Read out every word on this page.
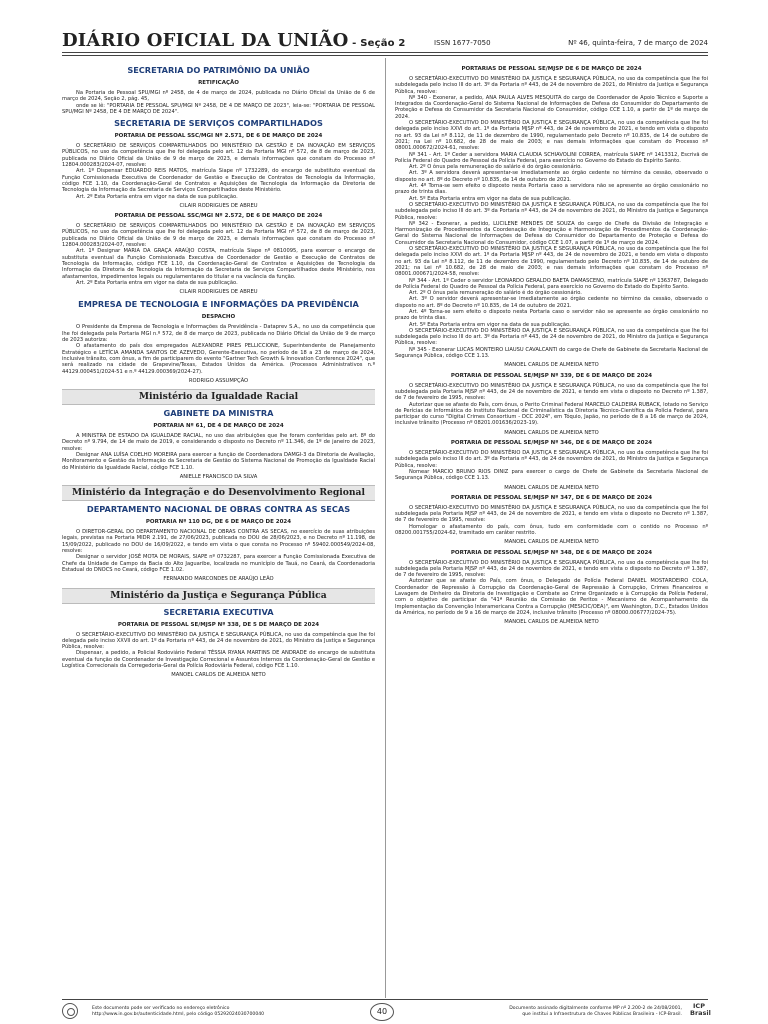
DIÁRIO OFICIAL DA UNIÃO - Seção 2	ISSN 1677-7050	Nº 46, quinta-feira, 7 de março de 2024
SECRETARIA DO PATRIMÔNIO DA UNIÃO
RETIFICAÇÃO

Na Portaria de Pessoal SPU/MGI nº 2458, de 4 de março de 2024, publicada no Diário Oficial da União de 6 de março de 2024, Seção 2, pág. 45,

onde se lê: "PORTARIA DE PESSOAL SPU/MGI Nº 2458, DE 4 DE MARÇO DE 2023", leia-se: "PORTARIA DE PESSOAL SPU/MGI Nº 2458, DE 4 DE MARÇO DE 2024".

SECRETARIA DE SERVIÇOS COMPARTILHADOS
PORTARIA DE PESSOAL SSC/MGI Nº 2.571, DE 6 DE MARÇO DE 2024

O SECRETÁRIO DE SERVIÇOS COMPARTILHADOS DO MINISTÉRIO DA GESTÃO E DA INOVAÇÃO EM SERVIÇOS PÚBLICOS, no uso da competência que lhe foi delegada pelo art. 12 da Portaria MGI nº 572, de 8 de março de 2023, publicada no Diário Oficial da União de 9 de março de 2023, e demais informações que constam do Processo nº 12804.000283/2024-07, resolve:

Art. 1º Dispensar EDUARDO REIS MATOS, matrícula Siape nº 1732289, do encargo de substituto eventual da Função Comissionada Executiva de Coordenador de Gestão e Execução de Contratos de Tecnologia da Informação, código FCE 1.10, da Coordenação-Geral de Contratos e Aquisições de Tecnologia da Informação da Diretoria de Tecnologia da Informação da Secretaria de Serviços Compartilhados deste Ministério.

Art. 2º Esta Portaria entra em vigor na data de sua publicação.

CILAIR RODRIGUES DE ABREU
PORTARIA DE PESSOAL SSC/MGI Nº 2.572, DE 6 DE MARÇO DE 2024

O SECRETÁRIO DE SERVIÇOS COMPARTILHADOS DO MINISTÉRIO DA GESTÃO E DA INOVAÇÃO EM SERVIÇOS PÚBLICOS, no uso da competência que lhe foi delegada pelo art. 12 da Portaria MGI nº 572, de 8 de março de 2023, publicada no Diário Oficial da União de 9 de março de 2023, e demais informações que constam do Processo nº 12804.000283/2024-07, resolve:

Art. 1º Designar MARIA DA GRAÇA ARAÚJO COSTA, matrícula Siape nº 0810095, para exercer o encargo de substituta eventual da Função Comissionada Executiva de Coordenador de Gestão e Execução de Contratos de Tecnologia da Informação, código FCE 1.10, da Coordenação-Geral de Contratos e Aquisições de Tecnologia da Informação da Diretoria de Tecnologia da Informação da Secretaria de Serviços Compartilhados deste Ministério, nos afastamentos, impedimentos legais ou regulamentares do titular e na vacância da função.

Art. 2º Esta Portaria entra em vigor na data de sua publicação.

CILAIR RODRIGUES DE ABREU
EMPRESA DE TECNOLOGIA E INFORMAÇÕES DA PREVIDÊNCIA
DESPACHO

O Presidente da Empresa de Tecnologia e Informações da Previdência - Dataprev S.A., no uso da competência que lhe foi delegada pela Portaria MGI n.º 572, de 8 de março de 2023, publicada no Diário Oficial da União de 9 de março de 2023 autoriza:

O afastamento do país dos empregados ALEXANDRE PIRES PELLICCIONE, Superintendente de Planejamento Estratégico e LETÍCIA AMANDA SANTOS DE AZEVEDO, Gerente-Executiva, no período de 18 a 23 de março de 2024, inclusive trânsito, com ônus, a fim de participarem do evento "Gartner Tech Growth & Innovation Conference 2024", que será realizado na cidade de Grapevine/Texas, Estados Unidos da América. (Processos Administrativos n.º 44129.000451/2024-51 e n.º 44129.000369/2024-27).

RODRIGO ASSUMPÇÃO
Ministério da Igualdade Racial
GABINETE DA MINISTRA
PORTARIA Nº 61, DE 4 DE MARÇO DE 2024

A MINISTRA DE ESTADO DA IGUALDADE RACIAL, no uso das atribuições que lhe foram conferidas pelo art. 8º do Decreto nº 9.794, de 14 de maio de 2019, e considerando o disposto no Decreto nº 11.346, de 1º de janeiro de 2023, resolve:

Designar ANA LUÍSA COELHO MOREIRA para exercer a função de Coordenadora DAMGI-3 da Diretoria de Avaliação, Monitoramento e Gestão da Informação da Secretaria de Gestão do Sistema Nacional de Promoção da Igualdade Racial do Ministério da Igualdade Racial, código FCE 1.10.

ANIELLE FRANCISCO DA SILVA
Ministério da Integração e do Desenvolvimento Regional
DEPARTAMENTO NACIONAL DE OBRAS CONTRA AS SECAS
PORTARIA Nº 110 DG, DE 6 DE MARÇO DE 2024

O DIRETOR-GERAL DO DEPARTAMENTO NACIONAL DE OBRAS CONTRA AS SECAS, no exercício de suas atribuições legais, previstas na Portaria MIDR 2.191, de 27/06/2023, publicada no DOU de 28/06/2023, e no Decreto nº 11.198, de 15/09/2022, publicado no DOU de 16/09/2022, e tendo em vista o que consta no Processo nº 59402.000549/2024-08, resolve:

Designar o servidor JOSÉ MOTA DE MORAIS, SIAPE nº 0732287, para exercer a Função Comissionada Executiva de Chefe da Unidade de Campo da Bacia do Alto Jaguaribe, localizada no município de Tauá, no Ceará, da Coordenadoria Estadual do DNOCS no Ceará, código FCE 1.02.

FERNANDO MARCONDES DE ARAÚJO LEÃO
Ministério da Justiça e Segurança Pública
SECRETARIA EXECUTIVA
PORTARIA DE PESSOAL SE/MJSP Nº 338, DE 5 DE MARÇO DE 2024

O SECRETÁRIO-EXECUTIVO DO MINISTÉRIO DA JUSTIÇA E SEGURANÇA PÚBLICA, no uso da competência que lhe foi delegada pelo inciso XXVII do art. 1º da Portaria nº 443, de 24 de novembro de 2021, do Ministro da Justiça e Segurança Pública, resolve:

Dispensar, a pedido, a Policial Rodoviário Federal TÉSSIA RYANA MARTINS DE ANDRADE do encargo de substituta eventual da função de Coordenador de Investigação Correcional e Assuntos Internos da Coordenação-Geral de Gestão e Logística Correcionais da Corregedoria-Geral da Polícia Rodoviária Federal, código FCE 1.10.

MANOEL CARLOS DE ALMEIDA NETO
PORTARIAS DE PESSOAL SE/MJSP DE 6 DE MARÇO DE 2024

O SECRETÁRIO-EXECUTIVO DO MINISTÉRIO DA JUSTIÇA E SEGURANÇA PÚBLICA, no uso da competência que lhe foi subdelegada pelo inciso III do art. 3º da Portaria nº 443, de 24 de novembro de 2021, do Ministro da Justiça e Segurança Pública, resolve:

Nº 340 - Exonerar, a pedido, ANA PAULA ALVES MESQUITA do cargo de Coordenador de Apoio Técnico e Suporte a Integrados da Coordenação-Geral do Sistema Nacional de Informações de Defesa do Consumidor do Departamento de Proteção e Defesa do Consumidor da Secretaria Nacional do Consumidor, código CCE 1.10, a partir de 1º de março de 2024.

O SECRETÁRIO-EXECUTIVO DO MINISTÉRIO DA JUSTIÇA E SEGURANÇA PÚBLICA, no uso da competência que lhe foi delegada pelo inciso XXVI do art. 1º da Portaria MJSP nº 443, de 24 de novembro de 2021, e tendo em vista o disposto no art. 93 da Lei nº 8.112, de 11 de dezembro de 1990, regulamentado pelo Decreto nº 10.835, de 14 de outubro de 2021; na Lei nº 10.682, de 28 de maio de 2003; e nas demais informações que constam do Processo nº 08001.000672/2024-61, resolve:

Nº 341 - Art. 1º Ceder a servidora MARIA CLAUDIA SCHIAVOLINI CORREA, matrícula SIAPE nº 1413312, Escrivã de Polícia Federal do Quadro de Pessoal da Polícia Federal, para exercício no Governo do Estado do Espírito Santo.

Art. 2º O ônus pela remuneração do salário é do órgão cessionário.

Art. 3º A servidora deverá apresentar-se imediatamente ao órgão cedente no término da cessão, observado o disposto no art. 8º do Decreto nº 10.835, de 14 de outubro de 2021.

Art. 4º Torna-se sem efeito o disposto nesta Portaria caso a servidora não se apresente ao órgão cessionário no prazo de trinta dias.

Art. 5º Esta Portaria entra em vigor na data de sua publicação.

O SECRETÁRIO-EXECUTIVO DO MINISTÉRIO DA JUSTIÇA E SEGURANÇA PÚBLICA, no uso da competência que lhe foi subdelegada pelo inciso III do art. 3º da Portaria nº 443, de 24 de novembro de 2021, do Ministro da Justiça e Segurança Pública, resolve:

Nº 342 - Exonerar, a pedido, LUCILENE MENDES DE SOUZA do cargo de Chefe da Divisão de Integração e Harmonização de Procedimentos da Coordenação de Integração e Harmonização de Procedimentos da Coordenação-Geral do Sistema Nacional de Informações de Defesa do Consumidor do Departamento de Proteção e Defesa do Consumidor da Secretaria Nacional do Consumidor, código CCE 1.07, a partir de 1º de março de 2024.

O SECRETÁRIO-EXECUTIVO DO MINISTÉRIO DA JUSTIÇA E SEGURANÇA PÚBLICA, no uso da competência que lhe foi delegada pelo inciso XXVI do art. 1º da Portaria MJSP nº 443, de 24 de novembro de 2021, e tendo em vista o disposto no art. 93 da Lei nº 8.112, de 11 de dezembro de 1990, regulamentado pelo Decreto nº 10.835, de 14 de outubro de 2021; na Lei nº 10.682, de 28 de maio de 2003; e nas demais informações que constam do Processo nº 08001.000671/2024-58, resolve:

Nº 344 - Art. 1º Ceder o servidor LEONARDO GERALDO BAETA DAMASCENO, matrícula SIAPE nº 1363787, Delegado de Polícia Federal do Quadro de Pessoal da Polícia Federal, para exercício no Governo do Estado do Espírito Santo.

Art. 2º O ônus pela remuneração do salário é do órgão cessionário.

Art. 3º O servidor deverá apresentar-se imediatamente ao órgão cedente no término da cessão, observado o disposto no art. 8º do Decreto nº 10.835, de 14 de outubro de 2021.

Art. 4º Torna-se sem efeito o disposto nesta Portaria caso o servidor não se apresente ao órgão cessionário no prazo de trinta dias.

Art. 5º Esta Portaria entra em vigor na data de sua publicação.

O SECRETÁRIO-EXECUTIVO DO MINISTÉRIO DA JUSTIÇA E SEGURANÇA PÚBLICA, no uso da competência que lhe foi subdelegada pelo inciso III do art. 3º da Portaria nº 443, de 24 de novembro de 2021, do Ministro da Justiça e Segurança Pública, resolve:

Nº 345 - Exonerar LUCAS MONTEIRO LIAUSU CAVALCANTI do cargo de Chefe de Gabinete da Secretaria Nacional de Segurança Pública, código CCE 1.13.

MANOEL CARLOS DE ALMEIDA NETO
PORTARIA DE PESSOAL SE/MJSP Nº 339, DE 6 DE MARÇO DE 2024

O SECRETÁRIO-EXECUTIVO DO MINISTÉRIO DA JUSTIÇA E SEGURANÇA PÚBLICA, no uso da competência que lhe foi subdelegada pela Portaria MJSP nº 443, de 24 de novembro de 2021, e tendo em vista o disposto no Decreto nº 1.387, de 7 de fevereiro de 1995, resolve:

Autorizar que se afaste do País, com ônus, o Perito Criminal Federal MARCELO CALDEIRA RUBACK, lotado no Serviço de Perícias de Informática do Instituto Nacional de Criminalística da Diretoria Técnico-Científica da Polícia Federal, para participar do curso "Digital Crimes Consortium - DCC 2024", em Tóquio, Japão, no período de 8 a 16 de março de 2024, inclusive trânsito (Processo nº 08201.001636/2023-19).

MANOEL CARLOS DE ALMEIDA NETO
PORTARIA DE PESSOAL SE/MJSP Nº 346, DE 6 DE MARÇO DE 2024

O SECRETÁRIO-EXECUTIVO DO MINISTÉRIO DA JUSTIÇA E SEGURANÇA PÚBLICA, no uso da competência que lhe foi subdelegada pelo inciso III do art. 3º da Portaria nº 443, de 24 de novembro de 2021, do Ministro da Justiça e Segurança Pública, resolve:

Nomear MARCIO BRUNO RIOS DINIZ para exercer o cargo de Chefe de Gabinete da Secretaria Nacional de Segurança Pública, código CCE 1.13.

MANOEL CARLOS DE ALMEIDA NETO
PORTARIA DE PESSOAL SE/MJSP Nº 347, DE 6 DE MARÇO DE 2024

O SECRETÁRIO-EXECUTIVO DO MINISTÉRIO DA JUSTIÇA E SEGURANÇA PÚBLICA, no uso da competência que lhe foi subdelegada pela Portaria MJSP nº 443, de 24 de novembro de 2021, e tendo em vista o disposto no Decreto nº 1.387, de 7 de fevereiro de 1995, resolve:

Homologar o afastamento do país, com ônus, tudo em conformidade com o contido no Processo nº 08200.001755/2024-62, tramitado em caráter restrito.

MANOEL CARLOS DE ALMEIDA NETO
PORTARIA DE PESSOAL SE/MJSP Nº 348, DE 6 DE MARÇO DE 2024

O SECRETÁRIO-EXECUTIVO DO MINISTÉRIO DA JUSTIÇA E SEGURANÇA PÚBLICA, no uso da competência que lhe foi subdelegada pela Portaria MJSP nº 443, de 24 de novembro de 2021, e tendo em vista o disposto no Decreto nº 1.387, de 7 de fevereiro de 1995, resolve:

Autorizar que se afaste do País, com ônus, o Delegado de Polícia Federal DANIEL MOSTARDEIRO COLA, Coordenador de Repressão à Corrupção da Coordenação-Geral de Repressão à Corrupção, Crimes Financeiros e Lavagem de Dinheiro da Diretoria de Investigação e Combate ao Crime Organizado e à Corrupção da Polícia Federal, com o objetivo de participar da "41ª Reunião da Comissão de Peritos - Mecanismo de Acompanhamento da Implementação da Convenção Interamericana Contra a Corrupção (MESICIC/OEA)", em Washington, D.C., Estados Unidos da América, no período de 9 a 16 de março de 2024, inclusive trânsito (Processo nº 08000.006777/2024-75).

MANOEL CARLOS DE ALMEIDA NETO
Este documento pode ser verificado no endereço eletrônico
http://www.in.gov.br/autenticidade.html, pelo código 05292024030700040	40	Documento assinado digitalmente conforme MP nº 2.200-2 de 24/08/2001,
que institui a Infraestrutura de Chaves Públicas Brasileira - ICP-Brasil.
ICP Brasil
